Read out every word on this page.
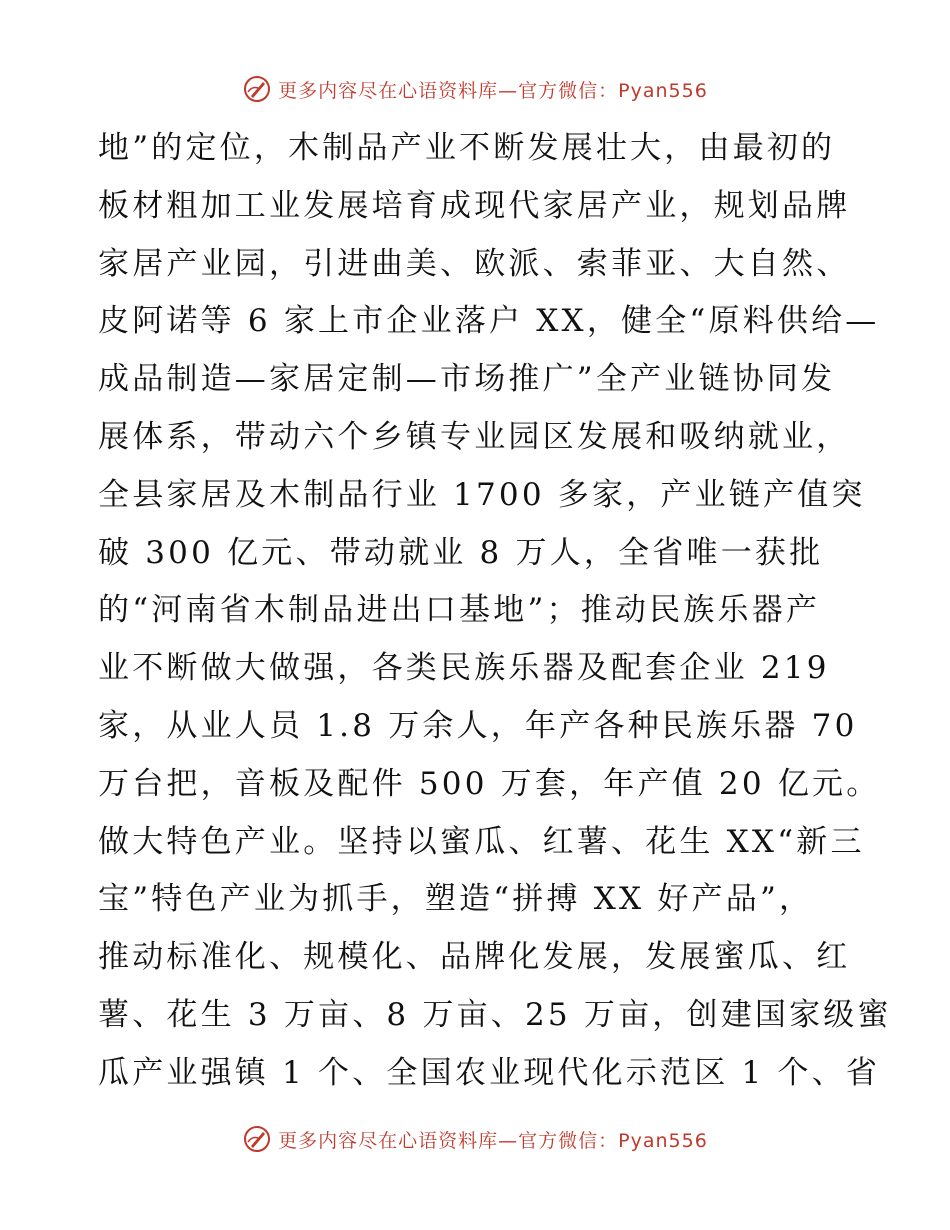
更多内容尽在心语资料库—官方微信：Pyan556
地”的定位，木制品产业不断发展壮大，由最初的
板材粗加工业发展培育成现代家居产业，规划品牌
家居产业园，引进曲美、欧派、索菲亚、大自然、
皮阿诺等 6 家上市企业落户 XX，健全“原料供给—
成品制造—家居定制—市场推广”全产业链协同发
展体系，带动六个乡镇专业园区发展和吸纳就业，
全县家居及木制品行业 1700 多家，产业链产值突
破 300 亿元、带动就业 8 万人，全省唯一获批
的“河南省木制品进出口基地”；推动民族乐器产
业不断做大做强，各类民族乐器及配套企业 219
家，从业人员 1.8 万余人，年产各种民族乐器 70
万台把，音板及配件 500 万套，年产值 20 亿元。
做大特色产业。坚持以蜜瓜、红薯、花生 XX“新三
宝”特色产业为抓手，塑造“拼搏 XX 好产品”，
推动标准化、规模化、品牌化发展，发展蜜瓜、红
薯、花生 3 万亩、8 万亩、25 万亩，创建国家级蜜
瓜产业强镇 1 个、全国农业现代化示范区 1 个、省
更多内容尽在心语资料库—官方微信：Pyan556
